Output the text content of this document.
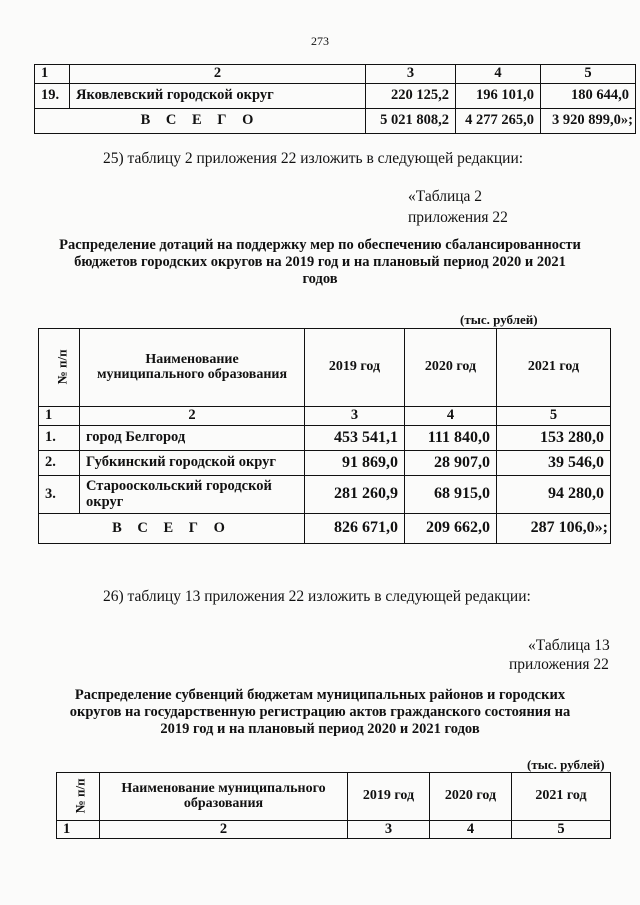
273
1	2	3	4	5
19.	Яковлевский городской округ	220 125,2	196 101,0	180 644,0
В С Е Г О		5 021 808,2	4 277 265,0	3 920 899,0»;
25) таблицу 2 приложения 22 изложить в следующей редакции:
«Таблица 2
приложения 22
Распределение дотаций на поддержку мер по обеспечению сбалансированности
бюджетов городских округов на 2019 год и на плановый период 2020 и 2021
годов
(тыс. рублей)
№ п/п	Наименование муниципального образования	2019 год	2020 год	2021 год
1	2	3	4	5
1.	город Белгород	453 541,1	111 840,0	153 280,0
2.	Губкинский городской округ	91 869,0	28 907,0	39 546,0
3.	Старооскольский городской округ	281 260,9	68 915,0	94 280,0
В С Е Г О		826 671,0	209 662,0	287 106,0»;
26) таблицу 13 приложения 22 изложить в следующей редакции:
«Таблица 13
приложения 22
Распределение субвенций бюджетам муниципальных районов и городских
округов на государственную регистрацию актов гражданского состояния на
2019 год и на плановый период 2020 и 2021 годов
(тыс. рублей)
№ п/п	Наименование муниципального образования	2019 год	2020 год	2021 год
1	2	3	4	5
